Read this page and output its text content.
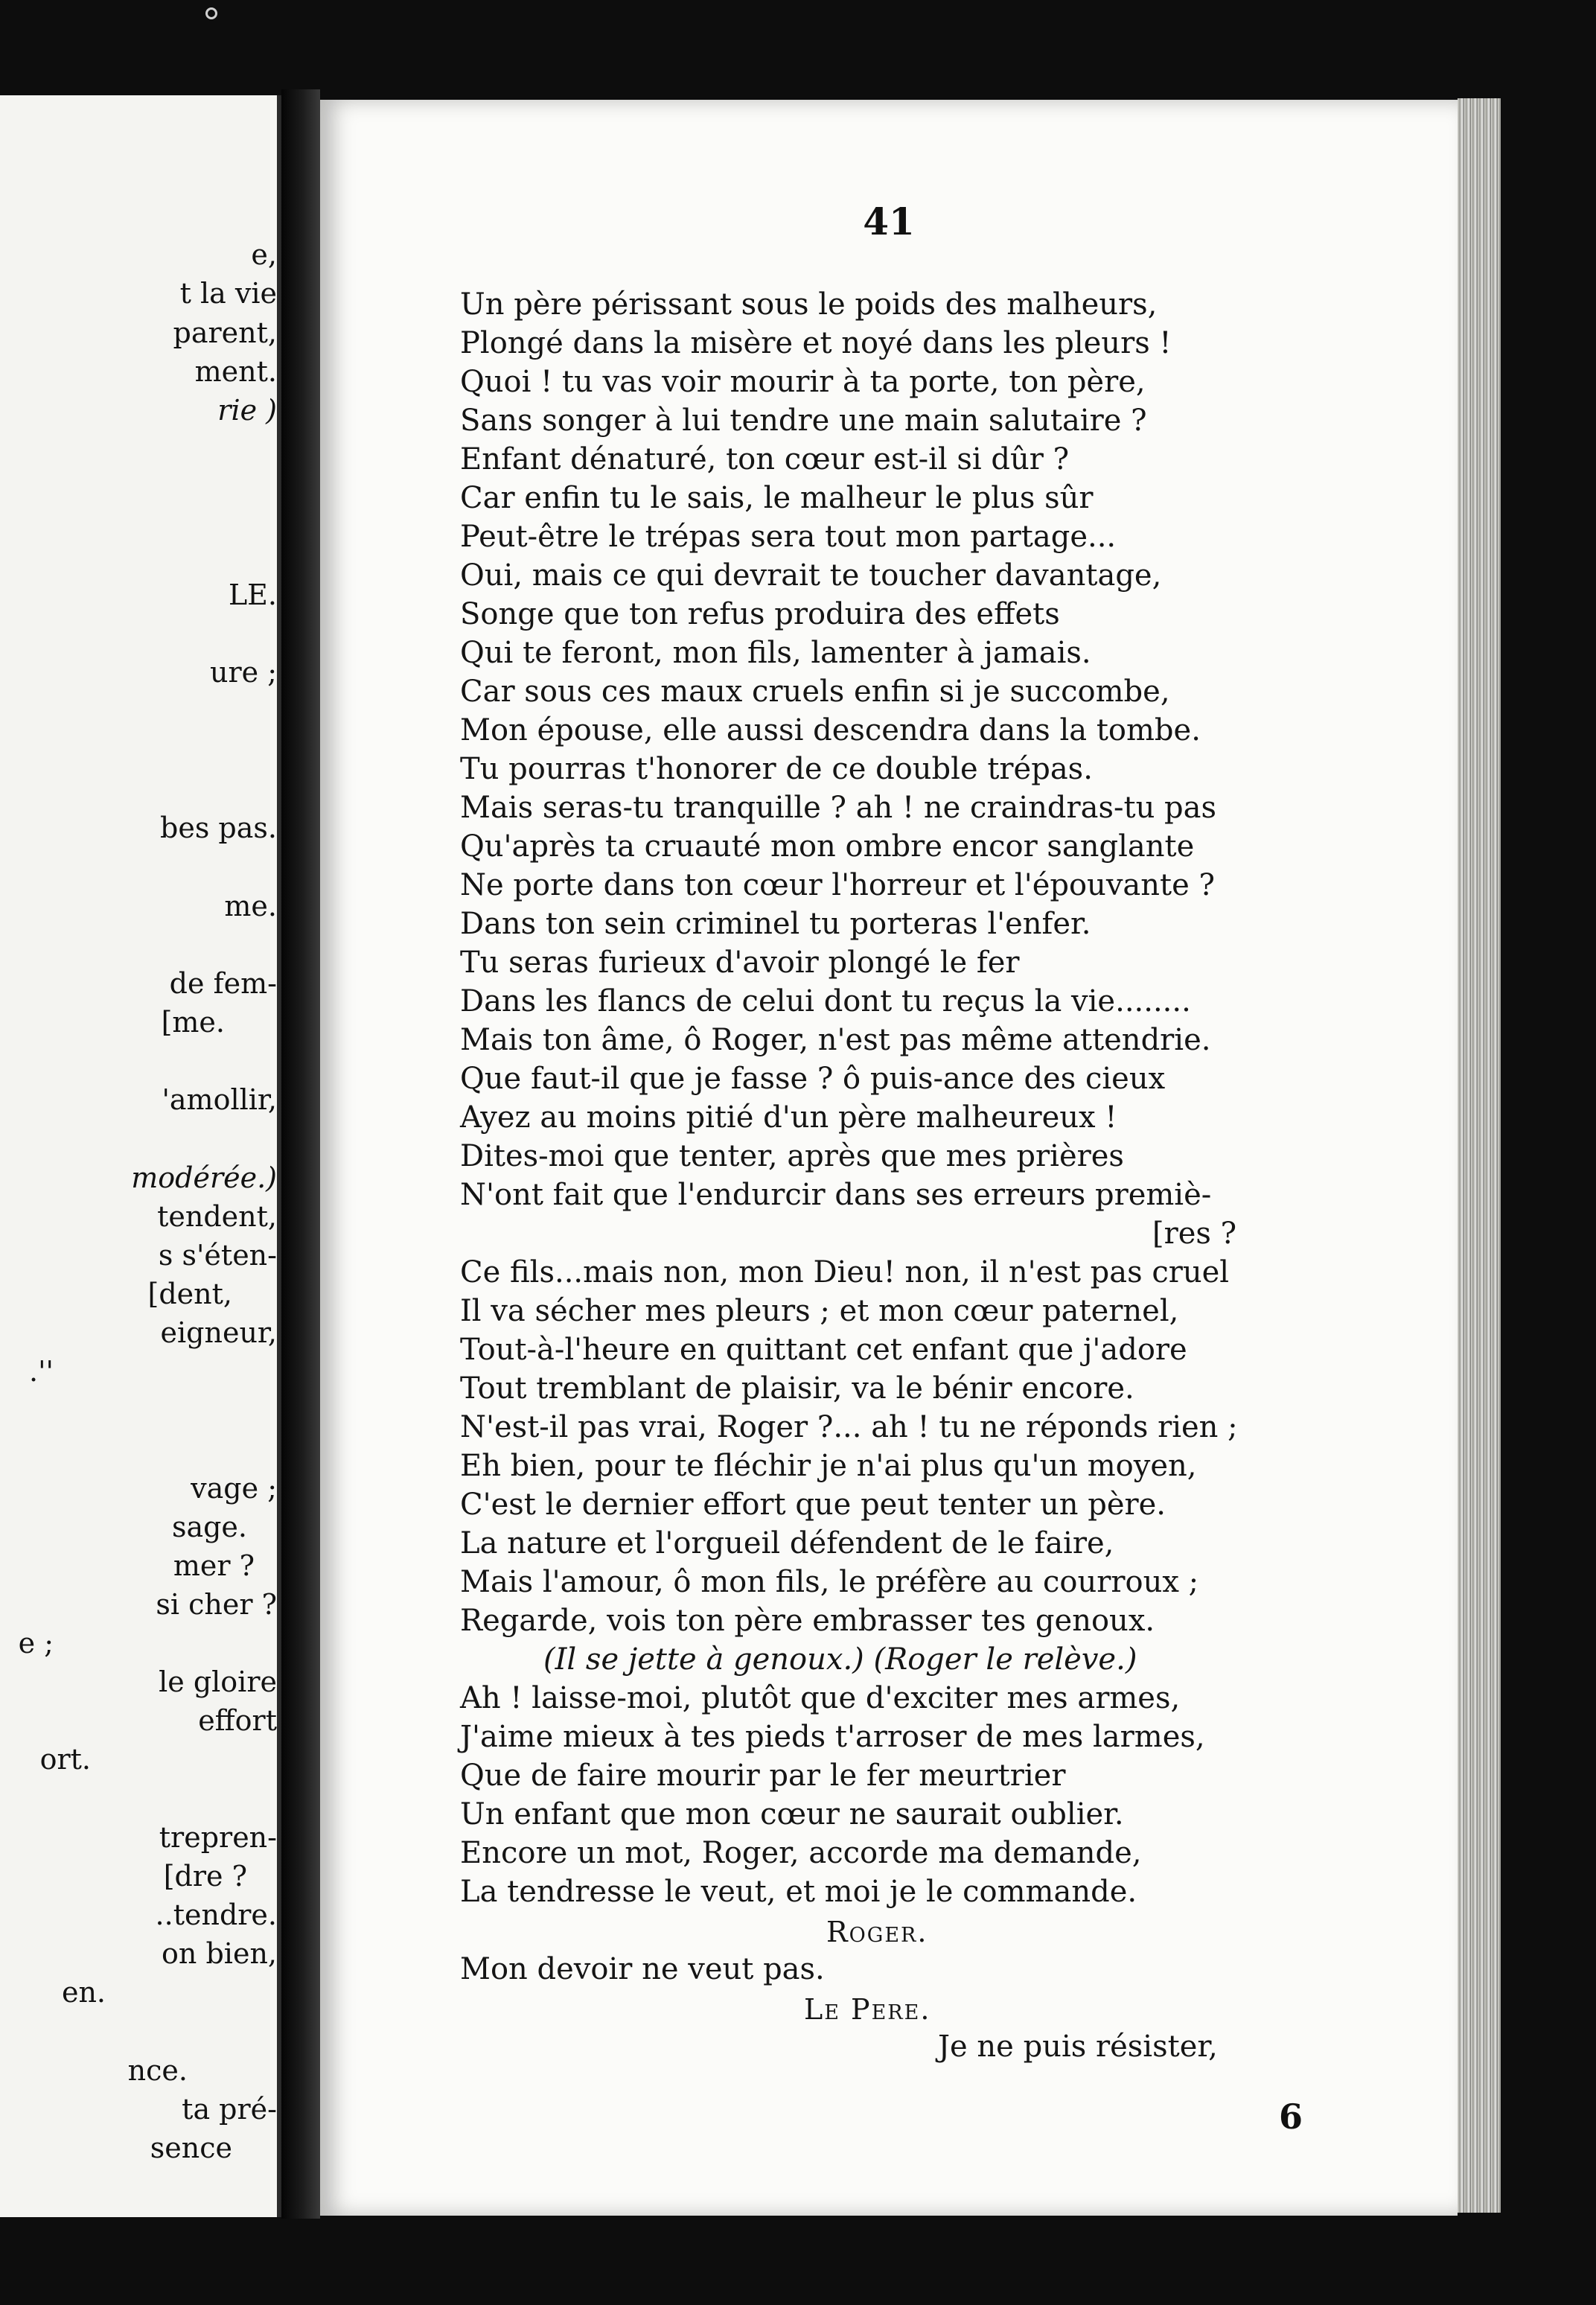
e,
t la vie
parent,
ment.
rie )
LE.
ure ;
bes pas.
me.
de fem-
[me.
'amollir,
modérée.)
tendent,
s s'éten-
[dent,
eigneur,
.''
vage ;
sage.
mer ?
si cher ?
e ;
le gloire
effort
ort.
trepren-
[dre ?
..tendre.
on bien,
en.
nce.
ta pré-
sence
41
Un père périssant sous le poids des malheurs,
Plongé dans la misère et noyé dans les pleurs !
Quoi ! tu vas voir mourir à ta porte, ton père,
Sans songer à lui tendre une main salutaire ?
Enfant dénaturé, ton cœur est-il si dûr ?
Car enfin tu le sais, le malheur le plus sûr
Peut-être le trépas sera tout mon partage...
Oui, mais ce qui devrait te toucher davantage,
Songe que ton refus produira des effets
Qui te feront, mon fils, lamenter à jamais.
Car sous ces maux cruels enfin si je succombe,
Mon épouse, elle aussi descendra dans la tombe.
Tu pourras t'honorer de ce double trépas.
Mais seras-tu tranquille ? ah ! ne craindras-tu pas
Qu'après ta cruauté mon ombre encor sanglante
Ne porte dans ton cœur l'horreur et l'épouvante ?
Dans ton sein criminel tu porteras l'enfer.
Tu seras furieux d'avoir plongé le fer
Dans les flancs de celui dont tu reçus la vie........
Mais ton âme, ô Roger, n'est pas même attendrie.
Que faut-il que je fasse ? ô puis-ance des cieux
Ayez au moins pitié d'un père malheureux !
Dites-moi que tenter, après que mes prières
N'ont fait que l'endurcir dans ses erreurs premiè-
[res ?
Ce fils...mais non, mon Dieu! non, il n'est pas cruel
Il va sécher mes pleurs ; et mon cœur paternel,
Tout-à-l'heure en quittant cet enfant que j'adore
Tout tremblant de plaisir, va le bénir encore.
N'est-il pas vrai, Roger ?... ah ! tu ne réponds rien ;
Eh bien, pour te fléchir je n'ai plus qu'un moyen,
C'est le dernier effort que peut tenter un père.
La nature et l'orgueil défendent de le faire,
Mais l'amour, ô mon fils, le préfère au courroux ;
Regarde, vois ton père embrasser tes genoux.
(Il se jette à genoux.) (Roger le relève.)
Ah ! laisse-moi, plutôt que d'exciter mes armes,
J'aime mieux à tes pieds t'arroser de mes larmes,
Que de faire mourir par le fer meurtrier
Un enfant que mon cœur ne saurait oublier.
Encore un mot, Roger, accorde ma demande,
La tendresse le veut, et moi je le commande.
Roger.
Mon devoir ne veut pas.
Le Pere.
Je ne puis résister,
6
